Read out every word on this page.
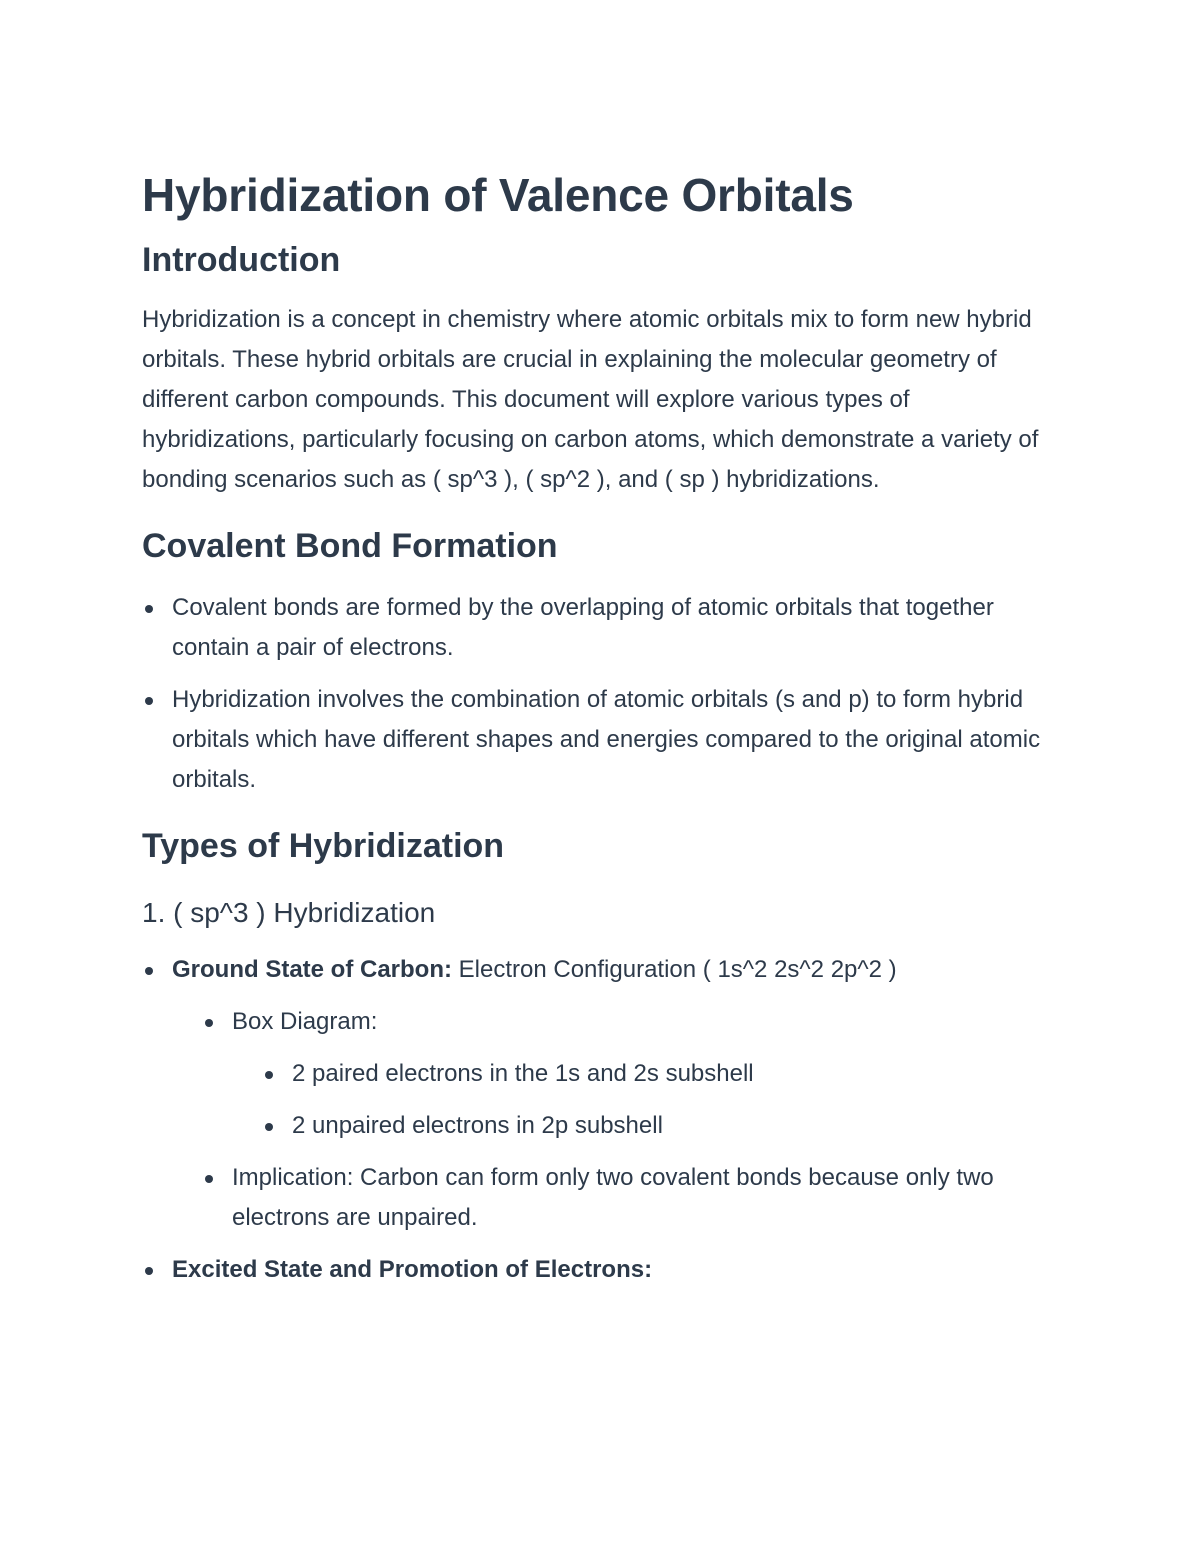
Hybridization of Valence Orbitals
Introduction

Hybridization is a concept in chemistry where atomic orbitals mix to form new hybrid orbitals. These hybrid orbitals are crucial in explaining the molecular geometry of different carbon compounds. This document will explore various types of hybridizations, particularly focusing on carbon atoms, which demonstrate a variety of bonding scenarios such as ( sp^3 ), ( sp^2 ), and ( sp ) hybridizations.

Covalent Bond Formation
Covalent bonds are formed by the overlapping of atomic orbitals that together contain a pair of electrons.
Hybridization involves the combination of atomic orbitals (s and p) to form hybrid orbitals which have different shapes and energies compared to the original atomic orbitals.
Types of Hybridization
1. ( sp^3 ) Hybridization
Ground State of Carbon: Electron Configuration ( 1s^2 2s^2 2p^2 )
Box Diagram:
2 paired electrons in the 1s and 2s subshell
2 unpaired electrons in 2p subshell
Implication: Carbon can form only two covalent bonds because only two electrons are unpaired.
Excited State and Promotion of Electrons:
